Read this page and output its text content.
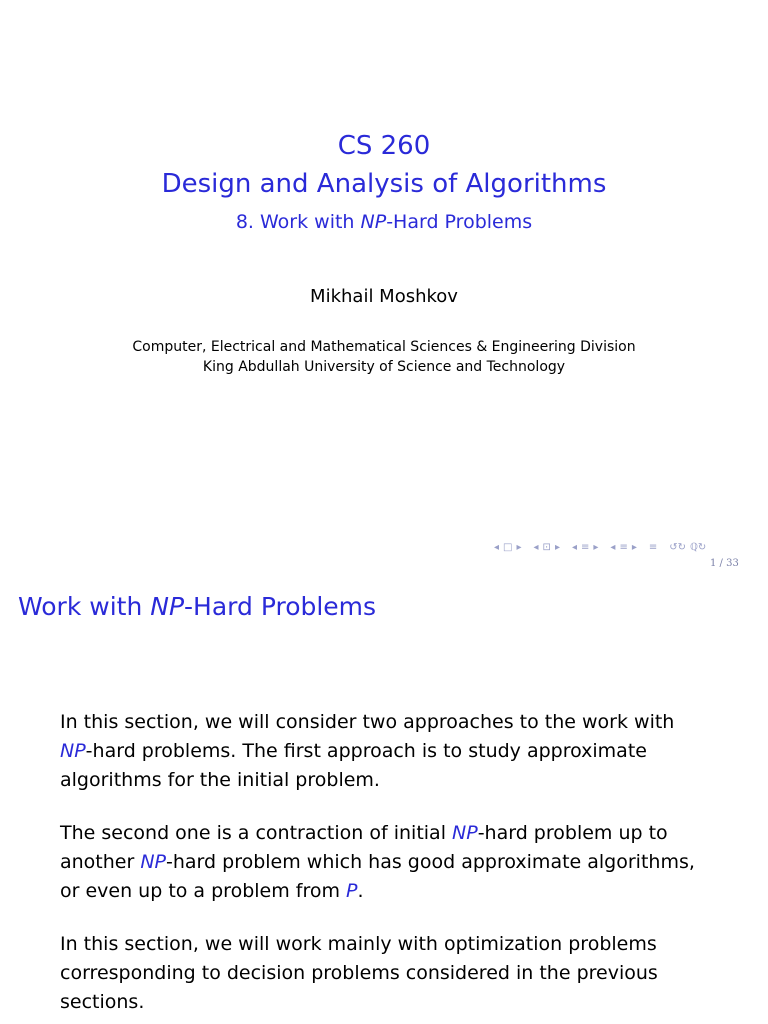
CS 260
Design and Analysis of Algorithms
8. Work with NP-Hard Problems
Mikhail Moshkov
Computer, Electrical and Mathematical Sciences & Engineering Division
King Abdullah University of Science and Technology
◂ □ ▸ ◂ ⊡ ▸ ◂ ≡ ▸ ◂ ≡ ▸ ≡ ↺↻ ℚ↻
1 / 33
Work with NP-Hard Problems
In this section, we will consider two approaches to the work with
NP-hard problems. The first approach is to study approximate
algorithms for the initial problem.
The second one is a contraction of initial NP-hard problem up to
another NP-hard problem which has good approximate algorithms,
or even up to a problem from P.
In this section, we will work mainly with optimization problems
corresponding to decision problems considered in the previous
sections.
